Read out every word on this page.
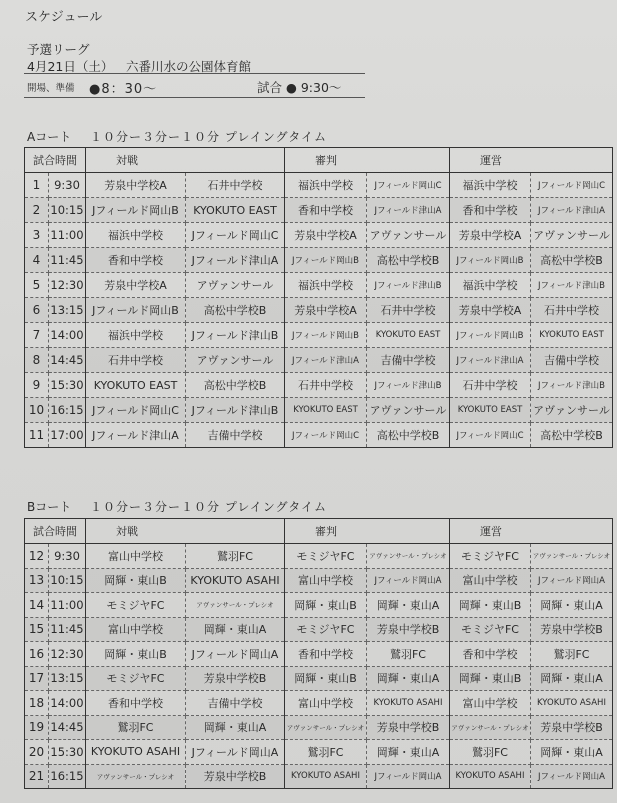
スケジュール
予選リーグ
4月21日（土） 六番川水の公園体育館
開場、準備 ●8：30～	試合 ● 9:30～
Aコート １０分ー３分ー１０分 プレイングタイム
試合時間		対戦		審判		運営	
1	9:30	芳泉中学校A	石井中学校	福浜中学校	Jフィールド岡山C	福浜中学校	Jフィールド岡山C
2	10:15	Jフィールド岡山B	KYOKUTO EAST	香和中学校	Jフィールド津山A	香和中学校	Jフィールド津山A
3	11:00	福浜中学校	Jフィールド岡山C	芳泉中学校A	アヴァンサール	芳泉中学校A	アヴァンサール
4	11:45	香和中学校	Jフィールド津山A	Jフィールド岡山B	高松中学校B	Jフィールド岡山B	高松中学校B
5	12:30	芳泉中学校A	アヴァンサール	福浜中学校	Jフィールド津山B	福浜中学校	Jフィールド津山B
6	13:15	Jフィールド岡山B	高松中学校B	芳泉中学校A	石井中学校	芳泉中学校A	石井中学校
7	14:00	福浜中学校	Jフィールド津山B	Jフィールド岡山B	KYOKUTO EAST	Jフィールド岡山B	KYOKUTO EAST
8	14:45	石井中学校	アヴァンサール	Jフィールド津山A	吉備中学校	Jフィールド津山A	吉備中学校
9	15:30	KYOKUTO EAST	高松中学校B	石井中学校	Jフィールド津山B	石井中学校	Jフィールド津山B
10	16:15	Jフィールド岡山C	Jフィールド津山B	KYOKUTO EAST	アヴァンサール	KYOKUTO EAST	アヴァンサール
11	17:00	Jフィールド津山A	吉備中学校	Jフィールド岡山C	高松中学校B	Jフィールド岡山C	高松中学校B
Bコート １０分ー３分ー１０分 プレイングタイム
試合時間		対戦		審判		運営	
12	9:30	富山中学校	鷲羽FC	モミジヤFC	アヴァンサール・プレシオ	モミジヤFC	アヴァンサール・プレシオ
13	10:15	岡輝・東山B	KYOKUTO ASAHI	富山中学校	Jフィールド岡山A	富山中学校	Jフィールド岡山A
14	11:00	モミジヤFC	アヴァンサール・プレシオ	岡輝・東山B	岡輝・東山A	岡輝・東山B	岡輝・東山A
15	11:45	富山中学校	岡輝・東山A	モミジヤFC	芳泉中学校B	モミジヤFC	芳泉中学校B
16	12:30	岡輝・東山B	Jフィールド岡山A	香和中学校	鷲羽FC	香和中学校	鷲羽FC
17	13:15	モミジヤFC	芳泉中学校B	岡輝・東山B	岡輝・東山A	岡輝・東山B	岡輝・東山A
18	14:00	香和中学校	吉備中学校	富山中学校	KYOKUTO ASAHI	富山中学校	KYOKUTO ASAHI
19	14:45	鷲羽FC	岡輝・東山A	アヴァンサール・プレシオ	芳泉中学校B	アヴァンサール・プレシオ	芳泉中学校B
20	15:30	KYOKUTO ASAHI	Jフィールド岡山A	鷲羽FC	岡輝・東山A	鷲羽FC	岡輝・東山A
21	16:15	アヴァンサール・プレシオ	芳泉中学校B	KYOKUTO ASAHI	Jフィールド岡山A	KYOKUTO ASAHI	Jフィールド岡山A
